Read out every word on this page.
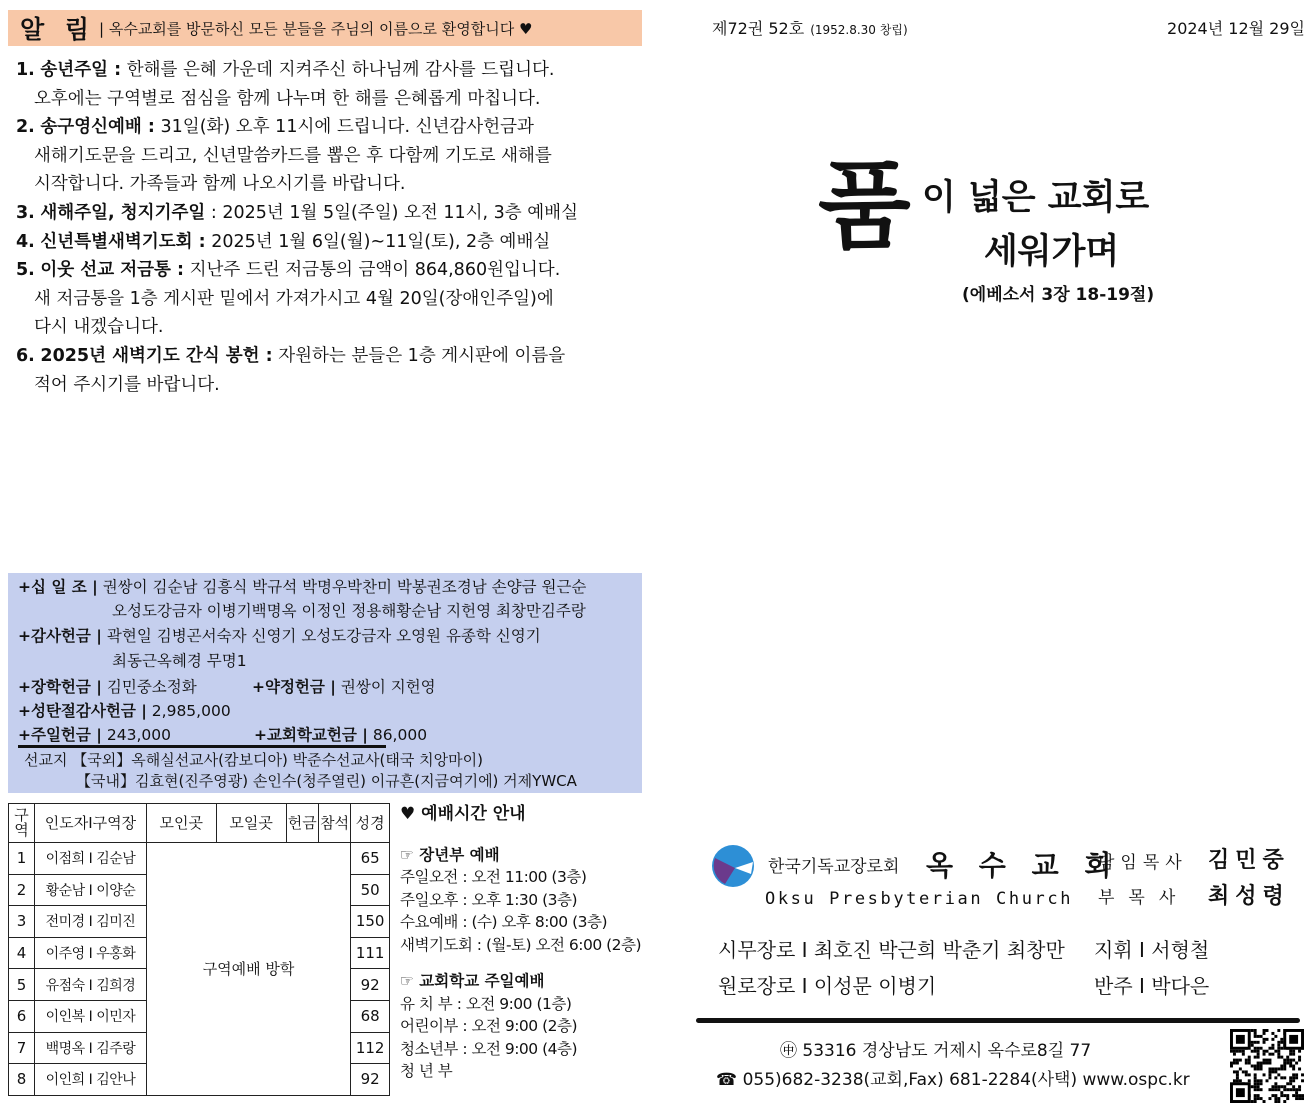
알 림 | 옥수교회를 방문하신 모든 분들을 주님의 이름으로 환영합니다 ♥
1. 송년주일 : 한해를 은혜 가운데 지켜주신 하나님께 감사를 드립니다.
오후에는 구역별로 점심을 함께 나누며 한 해를 은혜롭게 마칩니다.
2. 송구영신예배 : 31일(화) 오후 11시에 드립니다. 신년감사헌금과
새해기도문을 드리고, 신년말씀카드를 뽑은 후 다함께 기도로 새해를
시작합니다. 가족들과 함께 나오시기를 바랍니다.
3. 새해주일, 청지기주일 : 2025년 1월 5일(주일) 오전 11시, 3층 예배실
4. 신년특별새벽기도회 : 2025년 1월 6일(월)~11일(토), 2층 예배실
5. 이웃 선교 저금통 : 지난주 드린 저금통의 금액이 864,860원입니다.
새 저금통을 1층 게시판 밑에서 가져가시고 4월 20일(장애인주일)에
다시 내겠습니다.
6. 2025년 새벽기도 간식 봉헌 : 자원하는 분들은 1층 게시판에 이름을
적어 주시기를 바랍니다.
+십 일 조 | 권쌍이 김순남 김흥식 박규석 박명우박찬미 박봉권조경남 손양금 원근순
오성도강금자 이병기백명옥 이정인 정용해황순남 지헌영 최창만김주랑
+감사헌금 | 곽현일 김병곤서숙자 신영기 오성도강금자 오영원 유종학 신영기
최동근옥혜경 무명1
+장학헌금 | 김민중소정화	+약정헌금 | 권쌍이 지헌영
+성탄절감사헌금 | 2,985,000
+주일헌금 | 243,000	+교회학교헌금 | 86,000
선교지 【국외】옥해실선교사(캄보디아) 박준수선교사(태국 치앙마이)
【국내】김효현(진주영광) 손인수(청주열린) 이규흔(지금여기에) 거제YWCA
구역	인도자I구역장	모인곳	모일곳	헌금	참석	성경
1	이점희 I 김순남	구역예배 방학				65
2	황순남 I 이양순					50
3	전미경 I 김미진					150
4	이주영 I 우홍화					111
5	유점숙 I 김희경					92
6	이인복 I 이민자					68
7	백명옥 I 김주랑					112
8	이인희 I 김안나					92
♥ 예배시간 안내
☞ 장년부 예배
주일오전 : 오전 11:00 (3층)
주일오후 : 오후 1:30 (3층)
수요예배 : (수) 오후 8:00 (3층)
새벽기도회 : (월-토) 오전 6:00 (2층)
☞ 교회학교 주일예배
유 치 부 : 오전 9:00 (1층)
어린이부 : 오전 9:00 (2층)
청소년부 : 오전 9:00 (4층)
청 년 부
제72권 52호 (1952.8.30 창립)	2024년 12월 29일
품 이 넓은 교회로
세워가며
(에베소서 3장 18-19절)
한국기독교장로회 옥 수 교 회
Oksu Presbyterian Church
담임목사 김민중
부목사 최성령
시무장로 I 최호진 박근희 박춘기 최창만 지휘 I 서형철
원로장로 I 이성문 이병기	반주 I 박다은
㊥ 53316 경상남도 거제시 옥수로8길 77
☎ 055)682-3238(교회,Fax) 681-2284(사택) www.ospc.kr
